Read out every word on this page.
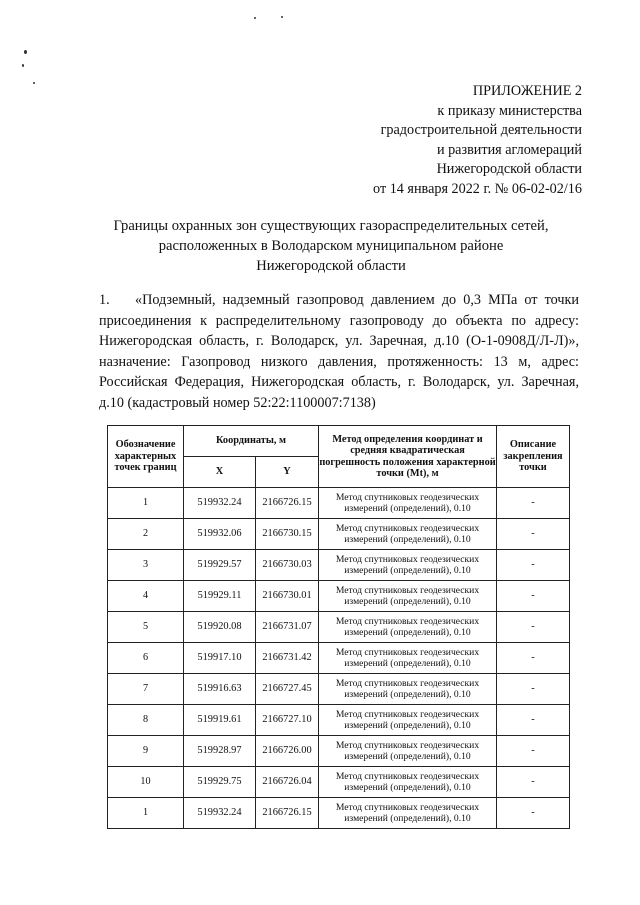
ПРИЛОЖЕНИЕ 2
к приказу министерства
градостроительной деятельности
и развития агломераций
Нижегородской области
от 14 января 2022 г. № 06-02-02/16
Границы охранных зон существующих газораспределительных сетей,
расположенных в Володарском муниципальном районе
Нижегородской области
1. «Подземный, надземный газопровод давлением до 0,3 МПа от точки присоединения к распределительному газопроводу до объекта по адресу: Нижегородская область, г. Володарск, ул. Заречная, д.10 (О-1-0908Д/Л-Л)», назначение: Газопровод низкого давления, протяженность: 13 м, адрес: Российская Федерация, Нижегородская область, г. Володарск, ул. Заречная, д.10 (кадастровый номер 52:22:1100007:7138)
Обозначение характерных точек границ	Координаты, м		Метод определения координат и средняя квадратическая погрешность положения характерной точки (Mt), м	Описание закрепления точки
	X	Y		
1	519932.24	2166726.15	Метод спутниковых геодезических измерений (определений), 0.10	-
2	519932.06	2166730.15	Метод спутниковых геодезических измерений (определений), 0.10	-
3	519929.57	2166730.03	Метод спутниковых геодезических измерений (определений), 0.10	-
4	519929.11	2166730.01	Метод спутниковых геодезических измерений (определений), 0.10	-
5	519920.08	2166731.07	Метод спутниковых геодезических измерений (определений), 0.10	-
6	519917.10	2166731.42	Метод спутниковых геодезических измерений (определений), 0.10	-
7	519916.63	2166727.45	Метод спутниковых геодезических измерений (определений), 0.10	-
8	519919.61	2166727.10	Метод спутниковых геодезических измерений (определений), 0.10	-
9	519928.97	2166726.00	Метод спутниковых геодезических измерений (определений), 0.10	-
10	519929.75	2166726.04	Метод спутниковых геодезических измерений (определений), 0.10	-
1	519932.24	2166726.15	Метод спутниковых геодезических измерений (определений), 0.10	-
